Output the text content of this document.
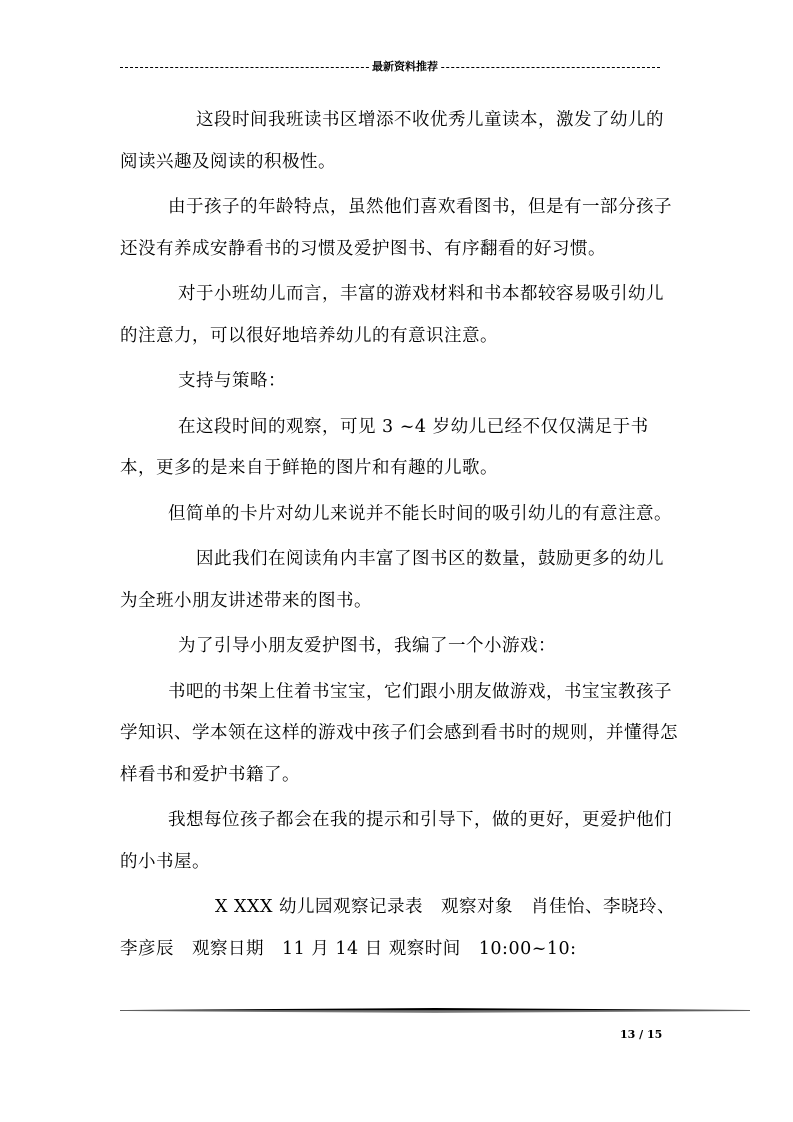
最新资料推荐

这段时间我班读书区增添不收优秀儿童读本，激发了幼儿的阅读兴趣及阅读的积极性。

由于孩子的年龄特点，虽然他们喜欢看图书，但是有一部分孩子还没有养成安静看书的习惯及爱护图书、有序翻看的好习惯。

对于小班幼儿而言，丰富的游戏材料和书本都较容易吸引幼儿的注意力，可以很好地培养幼儿的有意识注意。

支持与策略：

在这段时间的观察，可见 3 ~4 岁幼儿已经不仅仅满足于书本，更多的是来自于鲜艳的图片和有趣的儿歌。

但简单的卡片对幼儿来说并不能长时间的吸引幼儿的有意注意。

因此我们在阅读角内丰富了图书区的数量，鼓励更多的幼儿为全班小朋友讲述带来的图书。

为了引导小朋友爱护图书，我编了一个小游戏：

书吧的书架上住着书宝宝，它们跟小朋友做游戏，书宝宝教孩子学知识、学本领在这样的游戏中孩子们会感到看书时的规则，并懂得怎样看书和爱护书籍了。

我想每位孩子都会在我的提示和引导下，做的更好，更爱护他们的小书屋。

X XXX 幼儿园观察记录表　观察对象　肖佳怡、李晓玲、李彦辰　观察日期　11 月 14 日 观察时间　10:00~10:

13 / 15
